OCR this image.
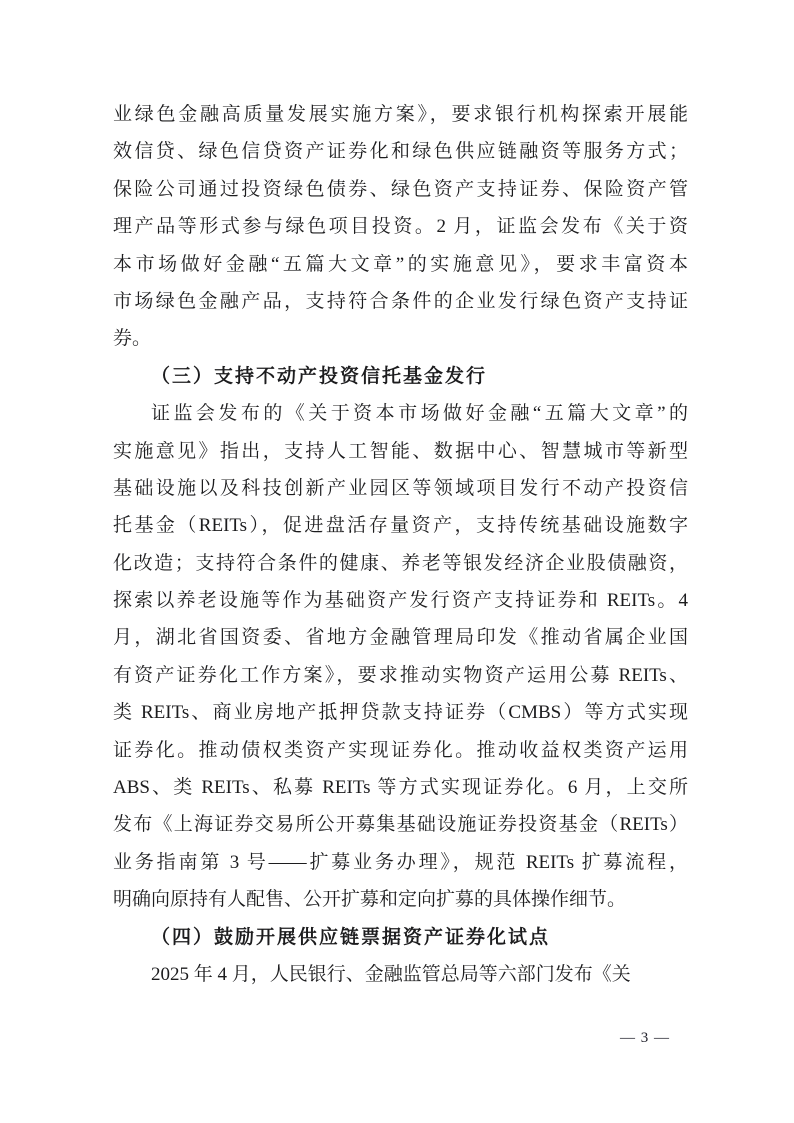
业绿色金融高质量发展实施方案》，要求银行机构探索开展能
效信贷、绿色信贷资产证券化和绿色供应链融资等服务方式；
保险公司通过投资绿色债券、绿色资产支持证券、保险资产管
理产品等形式参与绿色项目投资。2 月，证监会发布《关于资
本市场做好金融“五篇大文章”的实施意见》，要求丰富资本
市场绿色金融产品，支持符合条件的企业发行绿色资产支持证
券。
（三）支持不动产投资信托基金发行
证监会发布的《关于资本市场做好金融“五篇大文章”的
实施意见》指出，支持人工智能、数据中心、智慧城市等新型
基础设施以及科技创新产业园区等领域项目发行不动产投资信
托基金（REITs），促进盘活存量资产，支持传统基础设施数字
化改造；支持符合条件的健康、养老等银发经济企业股债融资，
探索以养老设施等作为基础资产发行资产支持证券和 REITs。4
月，湖北省国资委、省地方金融管理局印发《推动省属企业国
有资产证券化工作方案》，要求推动实物资产运用公募 REITs、
类 REITs、商业房地产抵押贷款支持证券（CMBS）等方式实现
证券化。推动债权类资产实现证券化。推动收益权类资产运用
ABS、类 REITs、私募 REITs 等方式实现证券化。6 月，上交所
发布《上海证券交易所公开募集基础设施证券投资基金（REITs）
业务指南第 3 号——扩募业务办理》，规范 REITs 扩募流程，
明确向原持有人配售、公开扩募和定向扩募的具体操作细节。
（四）鼓励开展供应链票据资产证券化试点
2025 年 4 月，人民银行、金融监管总局等六部门发布《关
— 3 —
